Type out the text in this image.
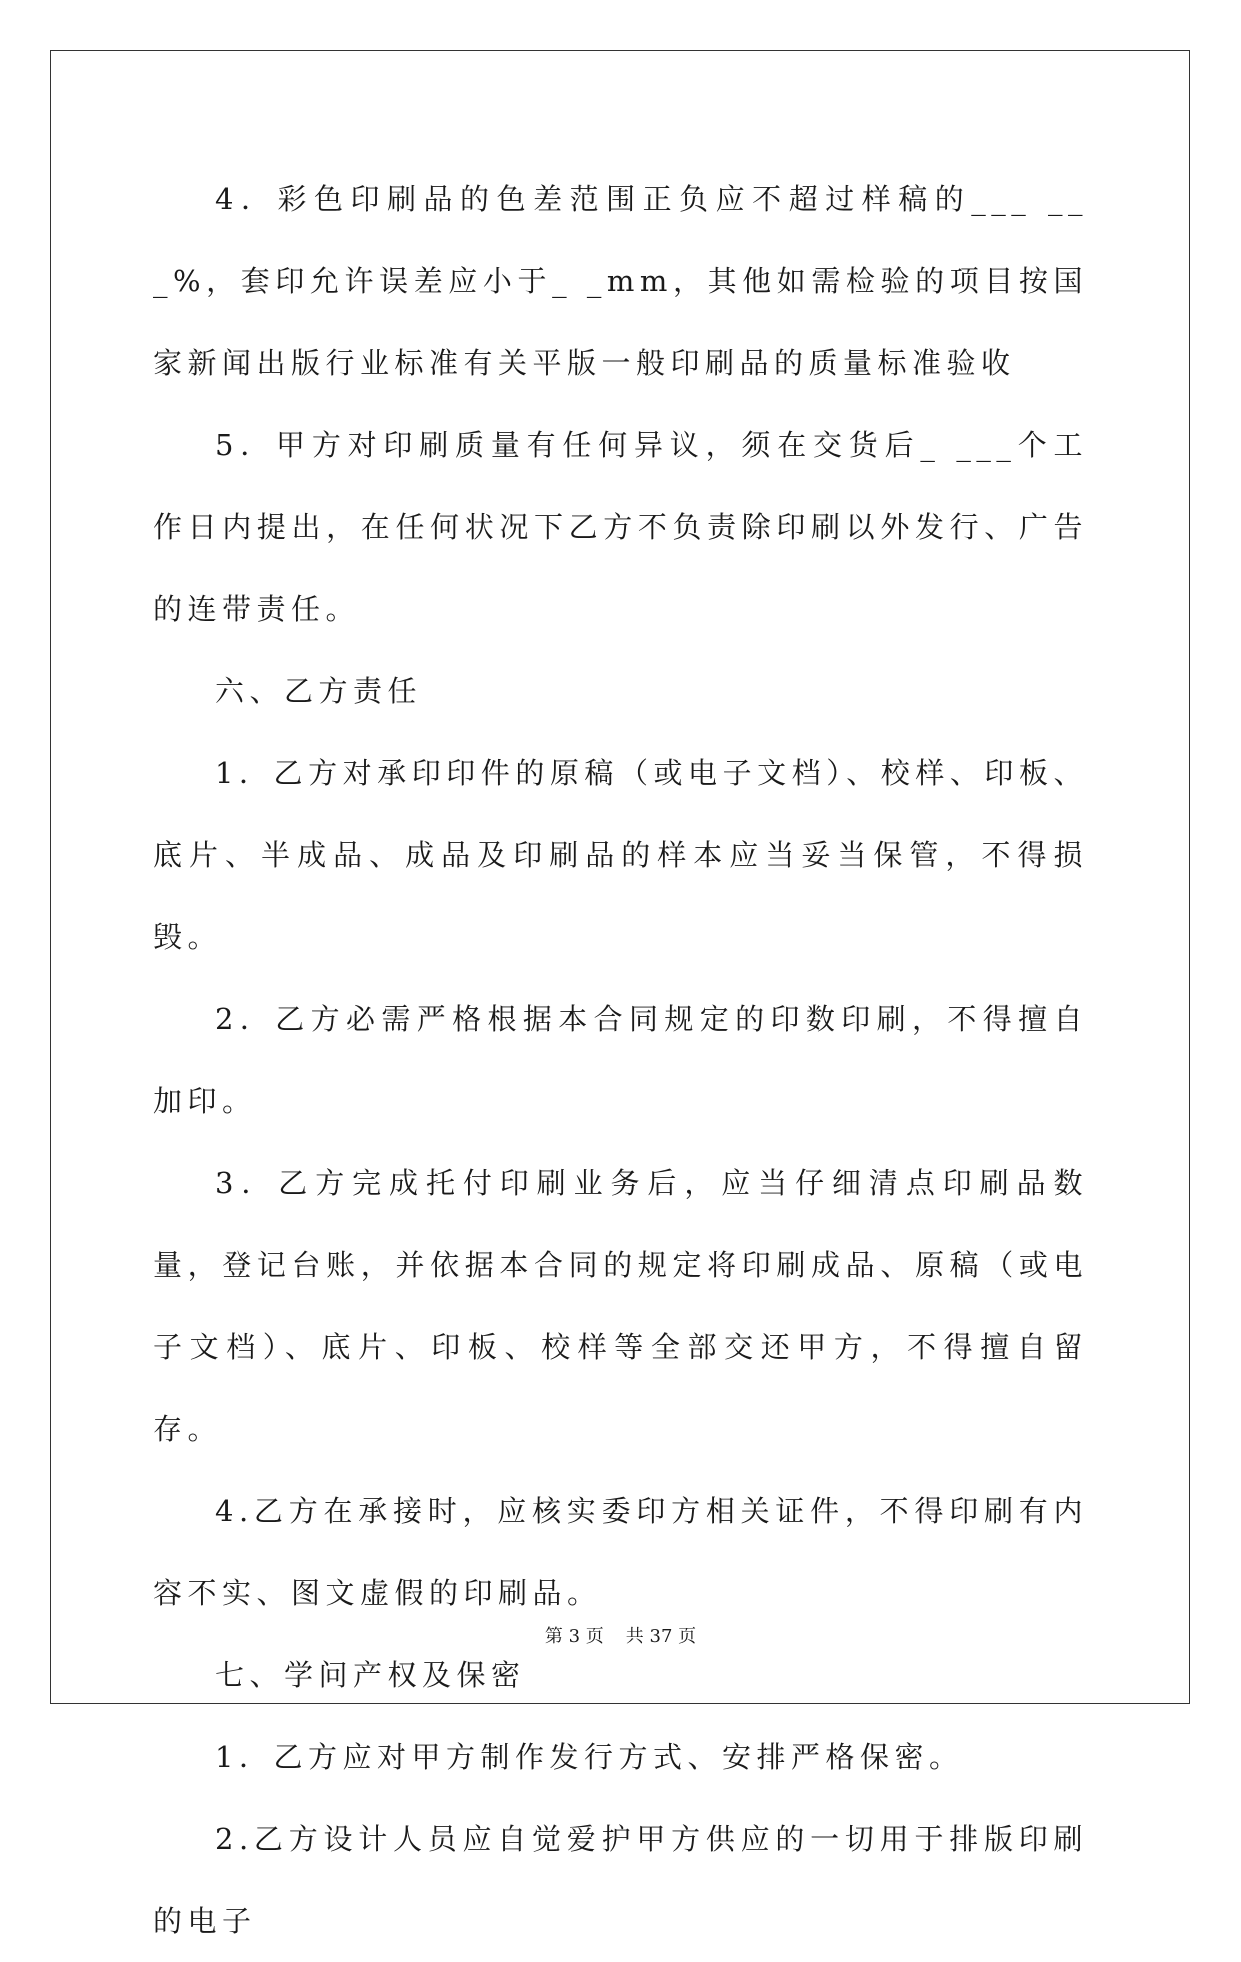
4．彩色印刷品的色差范围正负应不超过样稿的___ ___%，套印允许误差应小于_ _mm，其他如需检验的项目按国家新闻出版行业标准有关平版一般印刷品的质量标准验收

5．甲方对印刷质量有任何异议，须在交货后_ ___个工作日内提出，在任何状况下乙方不负责除印刷以外发行、广告的连带责任。

六、乙方责任

1．乙方对承印印件的原稿（或电子文档）、校样、印板、底片、半成品、成品及印刷品的样本应当妥当保管，不得损毁。

2．乙方必需严格根据本合同规定的印数印刷，不得擅自加印。

3．乙方完成托付印刷业务后，应当仔细清点印刷品数量，登记台账，并依据本合同的规定将印刷成品、原稿（或电子文档）、底片、印板、校样等全部交还甲方，不得擅自留存。

4.乙方在承接时，应核实委印方相关证件，不得印刷有内容不实、图文虚假的印刷品。

七、学问产权及保密

1．乙方应对甲方制作发行方式、安排严格保密。

2.乙方设计人员应自觉爱护甲方供应的一切用于排版印刷的电子

第 3 页 共 37 页
